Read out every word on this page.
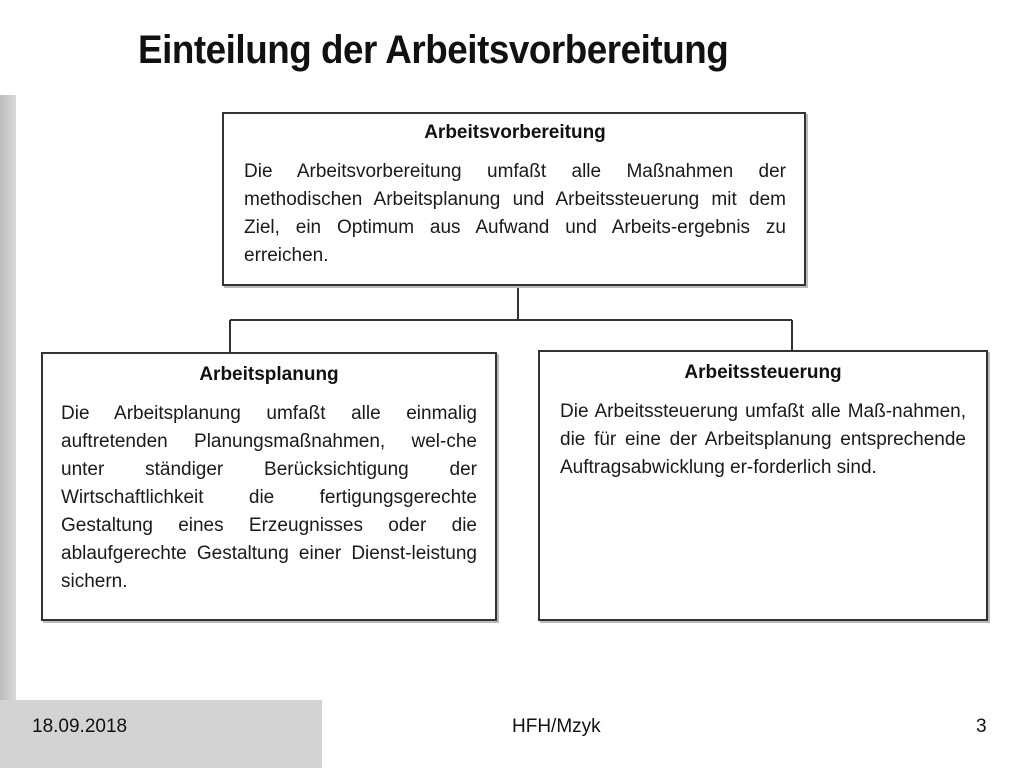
Einteilung der Arbeitsvorbereitung

Arbeitsvorbereitung

Die Arbeitsvorbereitung umfaßt alle Maßnahmen der methodischen Arbeitsplanung und Arbeitssteuerung mit dem Ziel, ein Optimum aus Aufwand und Arbeits-ergebnis zu erreichen.

Arbeitsplanung

Die Arbeitsplanung umfaßt alle einmalig auftretenden Planungsmaßnahmen, wel-che unter ständiger Berücksichtigung der Wirtschaftlichkeit die fertigungsgerechte Gestaltung eines Erzeugnisses oder die ablaufgerechte Gestaltung einer Dienst-leistung sichern.

Arbeitssteuerung

Die Arbeitssteuerung umfaßt alle Maß-nahmen, die für eine der Arbeitsplanung entsprechende Auftragsabwicklung er-forderlich sind.

18.09.2018	HFH/Mzyk	3
